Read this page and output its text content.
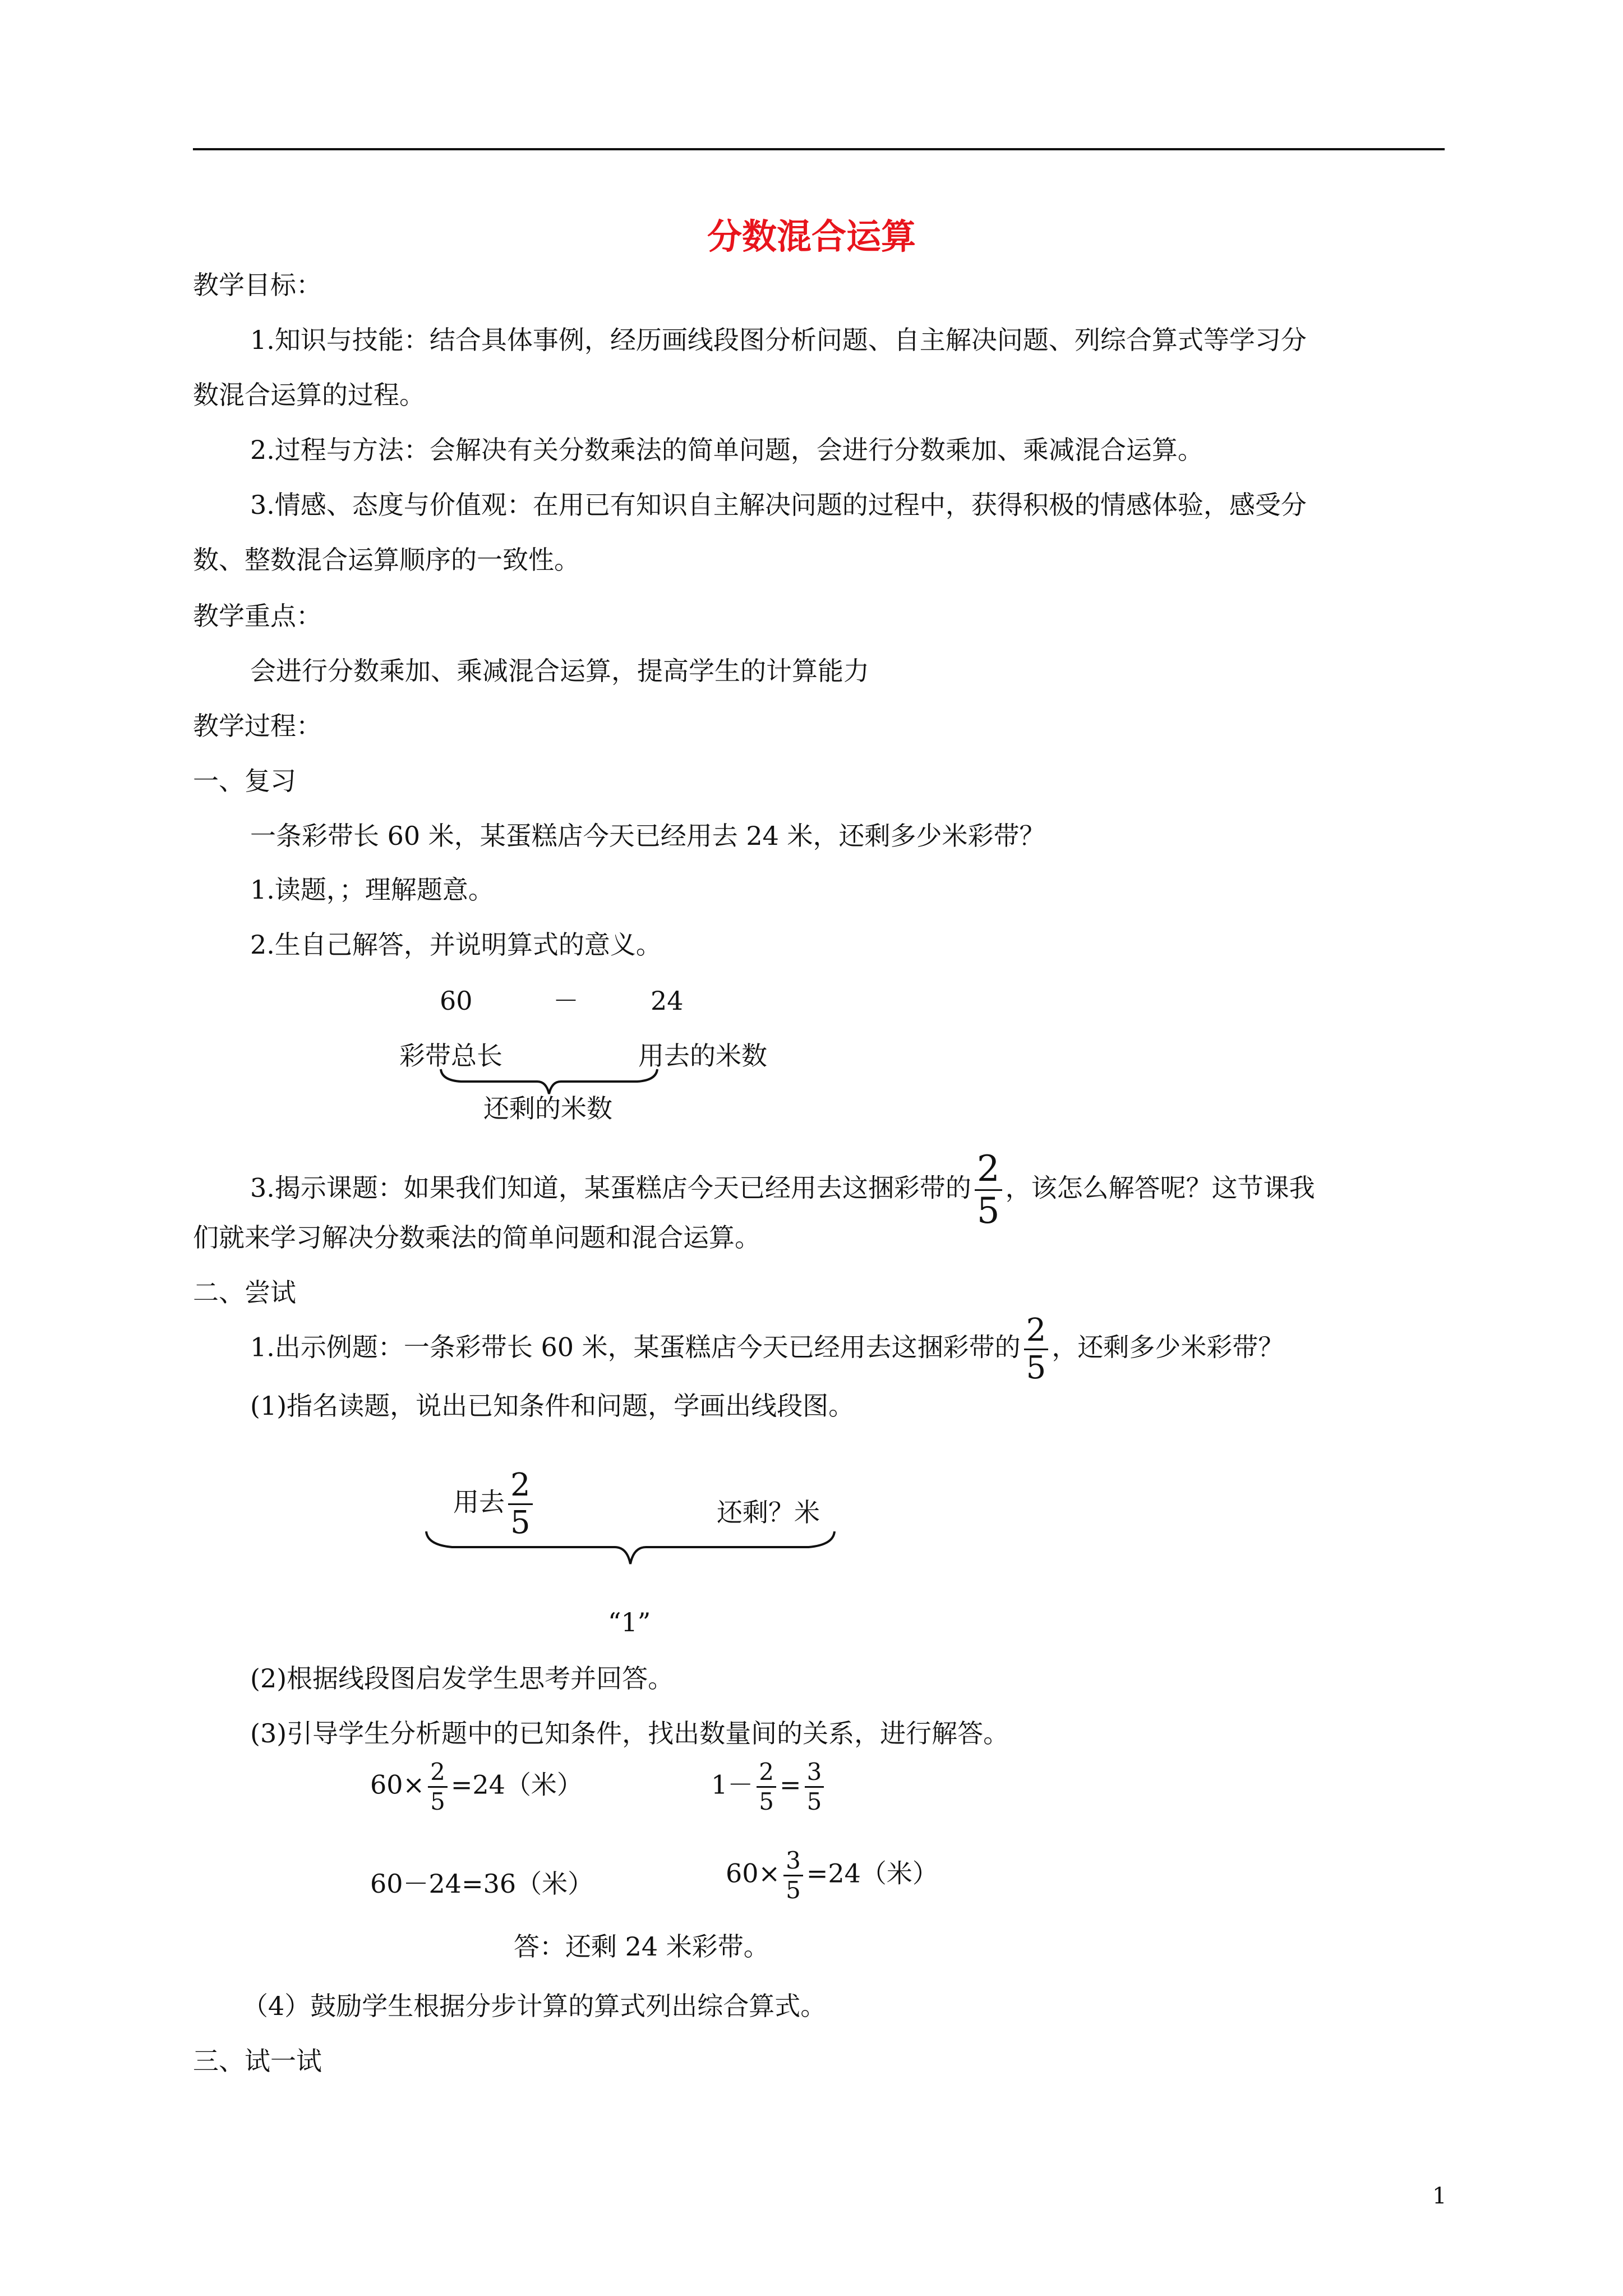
分数混合运算
教学目标：
1.知识与技能：结合具体事例，经历画线段图分析问题、自主解决问题、列综合算式等学习分
数混合运算的过程。
2.过程与方法：会解决有关分数乘法的简单问题，会进行分数乘加、乘减混合运算。
3.情感、态度与价值观：在用已有知识自主解决问题的过程中，获得积极的情感体验，感受分
数、整数混合运算顺序的一致性。
教学重点：
会进行分数乘加、乘减混合运算，提高学生的计算能力
教学过程：
一、复习
一条彩带长 60 米，某蛋糕店今天已经用去 24 米，还剩多少米彩带？
1.读题，；理解题意。
2.生自己解答，并说明算式的意义。
60	－	24
彩带总长	用去的米数
还剩的米数
3.揭示课题：如果我们知道，某蛋糕店今天已经用去这捆彩带的 $\frac{2}{5}$ ，该怎么解答呢？这节课我
们就来学习解决分数乘法的简单问题和混合运算。
二、尝试
1.出示例题：一条彩带长 60 米，某蛋糕店今天已经用去这捆彩带的 $\frac{2}{5}$ ，还剩多少米彩带？
(1)指名读题，说出已知条件和问题，学画出线段图。
用去 $\frac{2}{5}$	还剩？米
“1”
(2)根据线段图启发学生思考并回答。
(3)引导学生分析题中的已知条件，找出数量间的关系，进行解答。
$60\times \frac{2}{5} =24$（米）	$1- \frac{2}{5} = \frac{3}{5}$
60－24=36（米）	$60\times \frac{3}{5} =24$（米）
答：还剩 24 米彩带。
（4）鼓励学生根据分步计算的算式列出综合算式。
三、试一试
1
